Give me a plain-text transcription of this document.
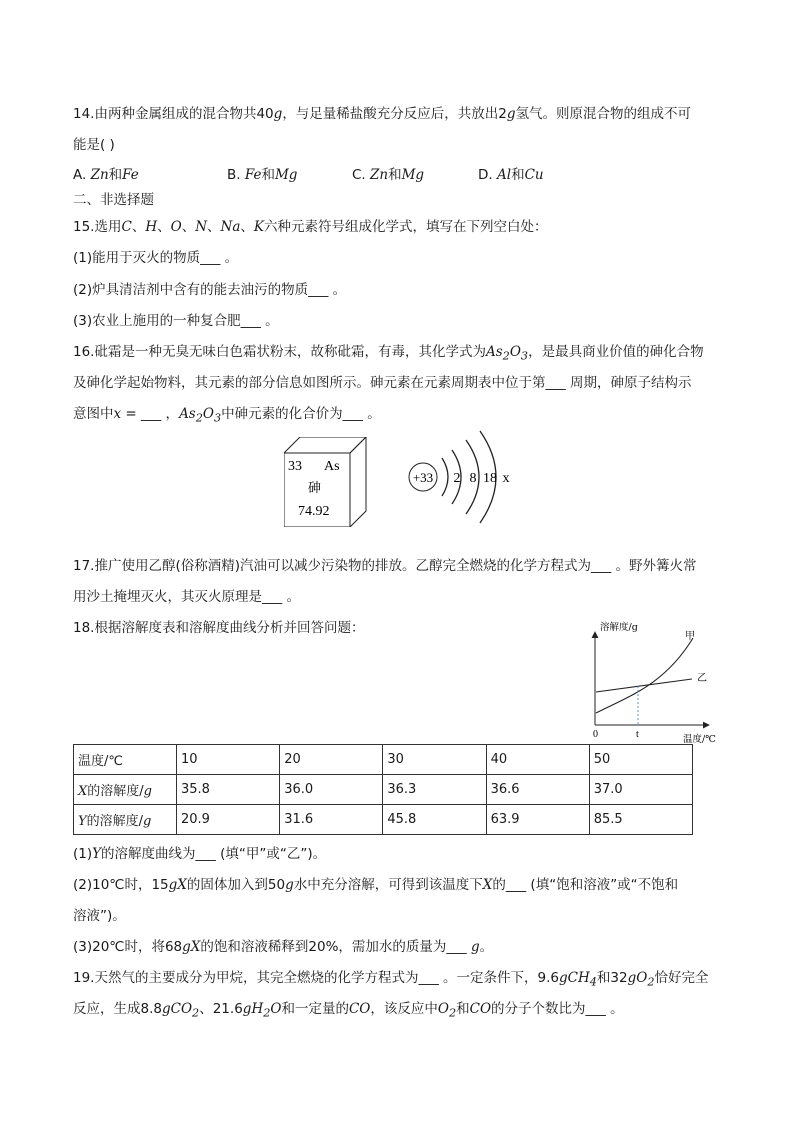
14.由两种金属组成的混合物共40g，与足量稀盐酸充分反应后，共放出2g氢气。则原混合物的组成不可
能是( )
A. Zn和Fe	B. Fe和Mg	C. Zn和Mg	D. Al和Cu
二、非选择题
15.选用C、H、O、N、Na、K六种元素符号组成化学式，填写在下列空白处：
(1)能用于灭火的物质___ 。
(2)炉具清洁剂中含有的能去油污的物质___ 。
(3)农业上施用的一种复合肥___ 。
16.砒霜是一种无臭无味白色霜状粉末，故称砒霜，有毒，其化学式为$As_2O_3$，是最具商业价值的砷化合物
及砷化学起始物料，其元素的部分信息如图所示。砷元素在元素周期表中位于第___ 周期，砷原子结构示
意图中x = ___ ，$As_2O_3$中砷元素的化合价为___ 。
33 As
砷
74.92
+33 2 8 18 x
17.推广使用乙醇(俗称酒精)汽油可以减少污染物的排放。乙醇完全燃烧的化学方程式为___ 。野外篝火常
用沙土掩埋灭火，其灭火原理是___ 。
18.根据溶解度表和溶解度曲线分析并回答问题：	溶解度/g
温度/℃
0	t
甲
乙
温度/℃	10	20	30	40	50
X的溶解度/g	35.8	36.0	36.3	36.6	37.0
Y的溶解度/g	20.9	31.6	45.8	63.9	85.5
(1)Y的溶解度曲线为___ (填“甲”或“乙”)。
(2)10℃时，15gX的固体加入到50g水中充分溶解，可得到该温度下X的___ (填“饱和溶液”或“不饱和
溶液”)。
(3)20℃时，将68gX的饱和溶液稀释到20%，需加水的质量为___ g。
19.天然气的主要成分为甲烷，其完全燃烧的化学方程式为___ 。一定条件下，9.6gCH$_4$和$32gO_2$恰好完全
反应，生成8.8gCO$_2$、$21.6gH_2O$和一定量的CO，该反应中$O_2$和CO的分子个数比为___ 。
